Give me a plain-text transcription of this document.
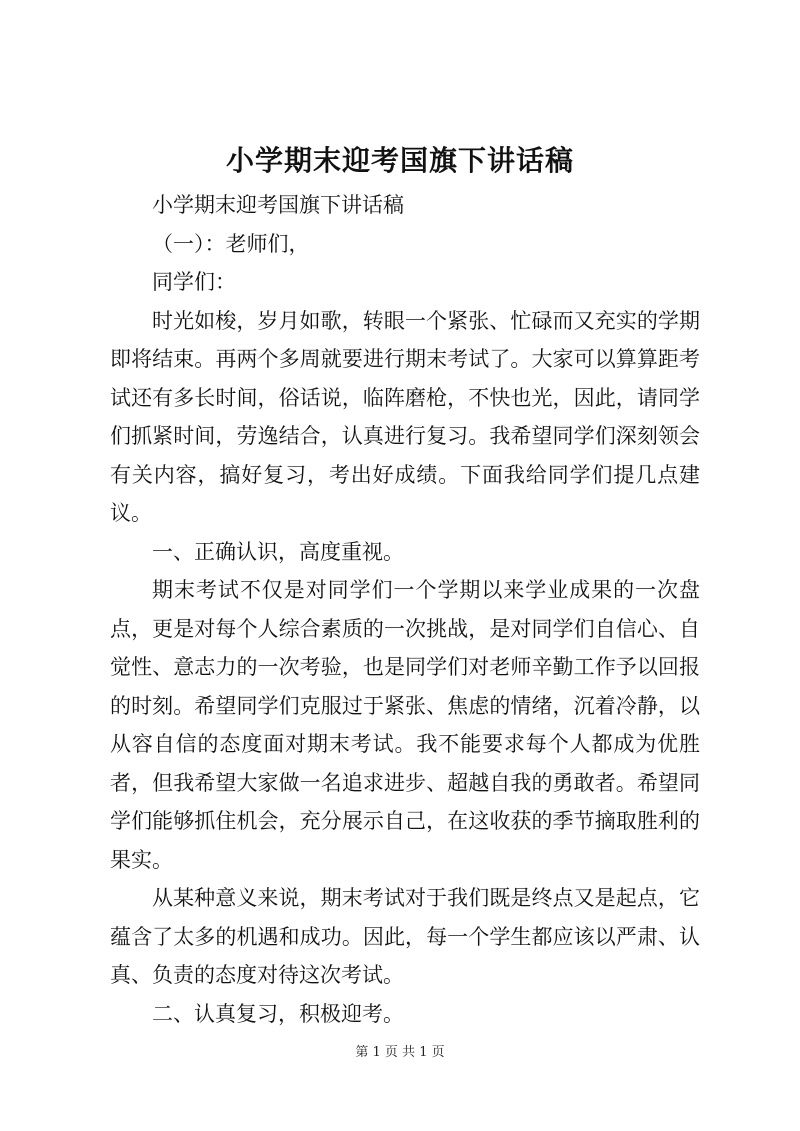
小学期末迎考国旗下讲话稿

小学期末迎考国旗下讲话稿

（一）：老师们，

同学们：

时光如梭，岁月如歌，转眼一个紧张、忙碌而又充实的学期即将结束。再两个多周就要进行期末考试了。大家可以算算距考试还有多长时间，俗话说，临阵磨枪，不快也光，因此，请同学们抓紧时间，劳逸结合，认真进行复习。我希望同学们深刻领会有关内容，搞好复习，考出好成绩。下面我给同学们提几点建议。

一、正确认识，高度重视。

期末考试不仅是对同学们一个学期以来学业成果的一次盘点，更是对每个人综合素质的一次挑战，是对同学们自信心、自觉性、意志力的一次考验，也是同学们对老师辛勤工作予以回报的时刻。希望同学们克服过于紧张、焦虑的情绪，沉着冷静，以从容自信的态度面对期末考试。我不能要求每个人都成为优胜者，但我希望大家做一名追求进步、超越自我的勇敢者。希望同学们能够抓住机会，充分展示自己，在这收获的季节摘取胜利的果实。

从某种意义来说，期末考试对于我们既是终点又是起点，它蕴含了太多的机遇和成功。因此，每一个学生都应该以严肃、认真、负责的态度对待这次考试。

二、认真复习，积极迎考。

第 1 页 共 1 页
